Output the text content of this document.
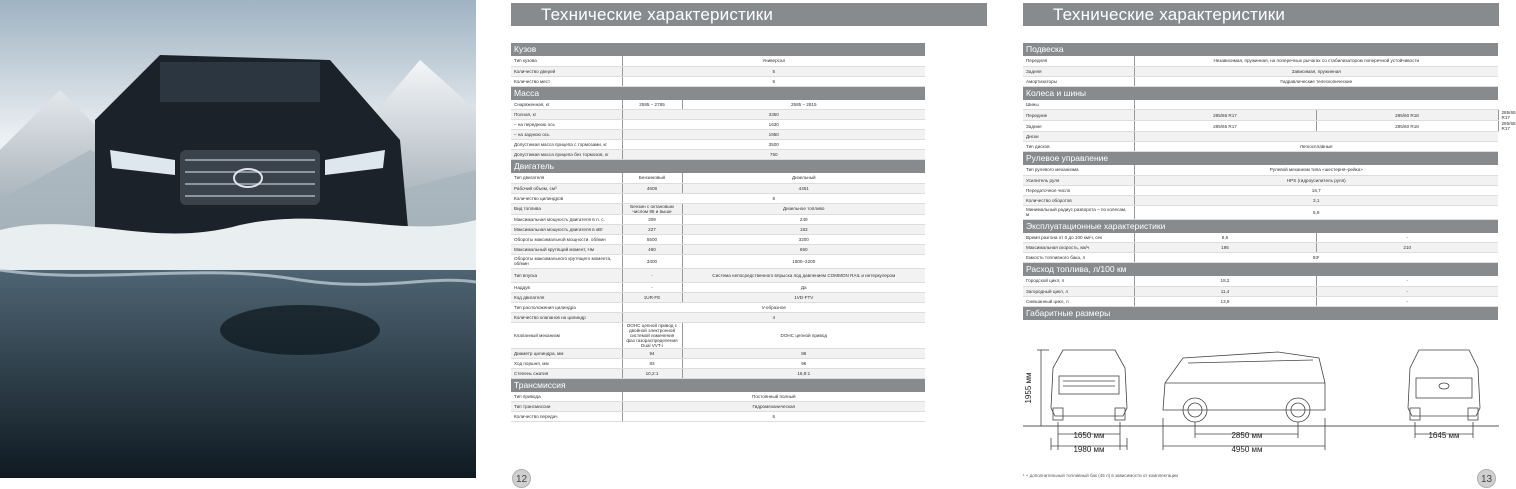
12
Технические характеристики
Кузов		
Тип кузова	Универсал	
Количество дверей	5	
Количество мест	5	
Масса		
Снаряженная, кг	2585 – 2785	2585 – 2815
Полная, кг	3350	
– на переднюю ось	1630	
– на заднюю ось	1950	
Допустимая масса прицепа с тормозами, кг	3500	
Допустимая масса прицепа без тормозов, кг	750	
Двигатель		
Тип двигателя	Бензиновый	Дизельный
Рабочий объем, см³	4608	4461
Количество цилиндров	8	
Вид топлива	Бензин с октановым числом 95 и выше	Дизельное топливо
Максимальная мощность двигателя в л. с.	309	249
Максимальная мощность двигателя в кВт	227	183
Обороты максимальной мощности, об/мин	5500	3200
Максимальный крутящий момент, Нм	460	650
Обороты максимального крутящего момента, об/мин	3400	1800–2200
Тип впуска	-	Система непосредственного впрыска под давлением COMMON RAIL и интеркулером
Наддув	-	Да
Код двигателя	1UR-FE	1VD-FTV
Тип расположения цилиндра	V-образное	
Количество клапанов на цилиндр	4	
Клапанный механизм	DOHC цепной привод с двойной электронной системой изменения фаз газораспределения Dual VVT-i	DOHC цепной привод
Диаметр цилиндра, мм	94	86
Ход поршня, мм	83	96
Степень сжатия	10,2:1	16,8:1
Трансмиссия		
Тип привода	Постоянный полный	
Тип трансмиссии	Гидромеханическая	
Количество передач	6	
Технические характеристики
Подвеска			
Передняя	Независимая, пружинная, на поперечных рычагах со стабилизатором поперечной устойчивости		
Задняя	Зависимая, пружинная		
Амортизаторы	Гидравлические телескопические		
Колеса и шины			
Шины			
Передние	285/65 R17	285/60 R18	285/65 R17
Задние	285/65 R17	285/60 R18	285/65 R17
Диски			
Тип дисков	Легкосплавные		
Рулевое управление			
Тип рулевого механизма	Рулевой механизм типа «шестерня–рейка»		
Усилитель руля	HPS (гидроусилитель руля)		
Передаточное число	16,7		
Количество оборотов	3,1		
Минимальный радиус разворота – по колесам, м	5,9		
Эксплуатационные характеристики			
Время разгона от 0 до 100 км/ч, сек	8,6	-	
Максимальная скорость, км/ч	195	210	
Емкость топливного бака, л	93¹		
Расход топлива, л/100 км			
Городской цикл, л	18,2	-	
Загородный цикл, л	11,4	-	
Смешанный цикл, л	13,9	-	
Габаритные размеры			
1955 мм
1650 мм
1980 мм
2850 мм
4950 мм
1645 мм
¹ + дополнительный топливный бак (45 л) в зависимости от комплектации	13
